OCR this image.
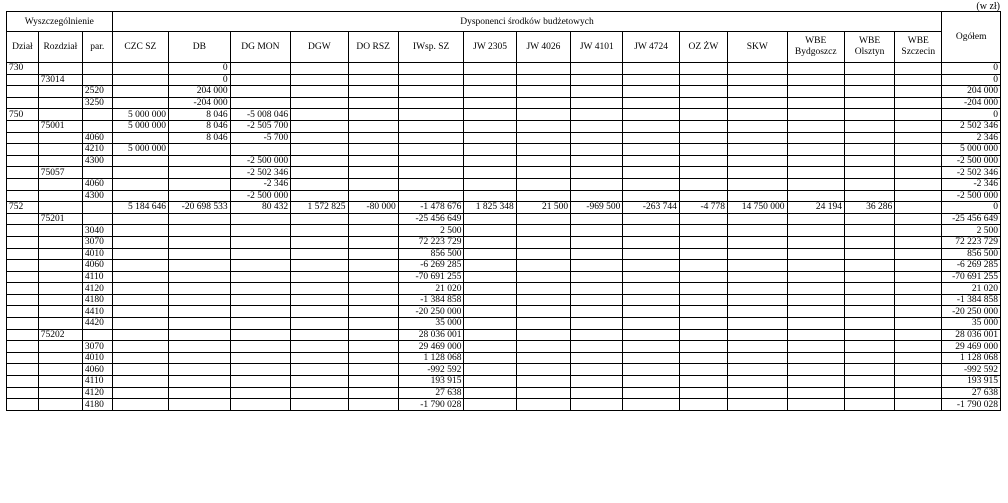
(w zł)
Wyszczególnienie			Dysponenci środków budżetowych															Ogółem
Dział	Rozdział	par.	CZC SZ	DB	DG MON	DGW	DO RSZ	IWsp. SZ	JW 2305	JW 4026	JW 4101	JW 4724	OZ ŻW	SKW	WBE Bydgoszcz	WBE Olsztyn	WBE Szczecin	
730				0														0
	73014			0														0
		2520		204 000														204 000
		3250		-204 000														-204 000
750			5 000 000	8 046	-5 008 046													0
	75001		5 000 000	8 046	-2 505 700													2 502 346
		4060		8 046	-5 700													2 346
		4210	5 000 000															5 000 000
		4300			-2 500 000													-2 500 000
	75057				-2 502 346													-2 502 346
		4060			-2 346													-2 346
		4300			-2 500 000													-2 500 000
752			5 184 646	-20 698 533	80 432	1 572 825	-80 000	-1 478 676	1 825 348	21 500	-969 500	-263 744	-4 778	14 750 000	24 194	36 286		0
	75201							-25 456 649										-25 456 649
		3040						2 500										2 500
		3070						72 223 729										72 223 729
		4010						856 500										856 500
		4060						-6 269 285										-6 269 285
		4110						-70 691 255										-70 691 255
		4120						21 020										21 020
		4180						-1 384 858										-1 384 858
		4410						-20 250 000										-20 250 000
		4420						35 000										35 000
	75202							28 036 001										28 036 001
		3070						29 469 000										29 469 000
		4010						1 128 068										1 128 068
		4060						-992 592										-992 592
		4110						193 915										193 915
		4120						27 638										27 638
		4180						-1 790 028										-1 790 028
